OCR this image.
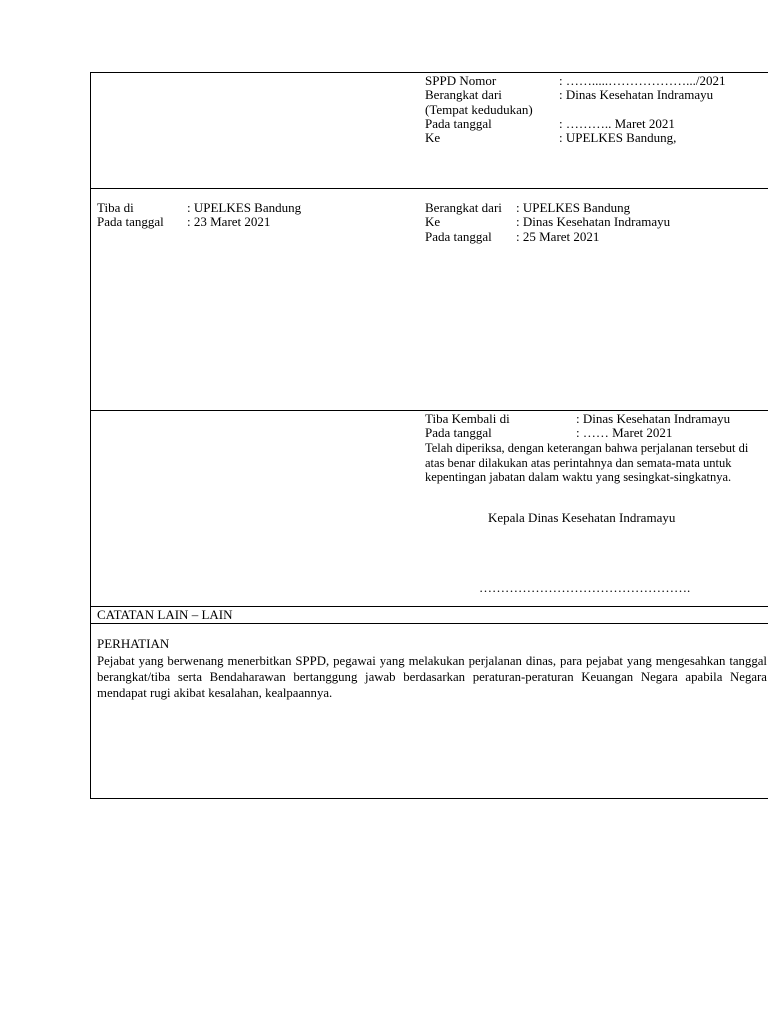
SPPD Nomor	: …….....……………….../2021
Berangkat dari	: Dinas Kesehatan Indramayu
(Tempat kedudukan)
Pada tanggal	: ……….. Maret 2021
Ke	: UPELKES Bandung,
Tiba di	: UPELKES Bandung
Pada tanggal : 23 Maret 2021
Berangkat dari : UPELKES Bandung
Ke	: Dinas Kesehatan Indramayu
Pada tanggal : 25 Maret 2021
Tiba Kembali di	: Dinas Kesehatan Indramayu
Pada tanggal	: …… Maret 2021
Telah diperiksa, dengan keterangan bahwa perjalanan tersebut di atas benar dilakukan atas perintahnya dan semata-mata untuk kepentingan jabatan dalam waktu yang sesingkat-singkatnya.
Kepala Dinas Kesehatan Indramayu
………………………………………….
CATATAN LAIN – LAIN
PERHATIAN
Pejabat yang berwenang menerbitkan SPPD, pegawai yang melakukan perjalanan dinas, para pejabat yang mengesahkan tanggal berangkat/tiba serta Bendaharawan bertanggung jawab berdasarkan peraturan-peraturan Keuangan Negara apabila Negara mendapat rugi akibat kesalahan, kealpaannya.
